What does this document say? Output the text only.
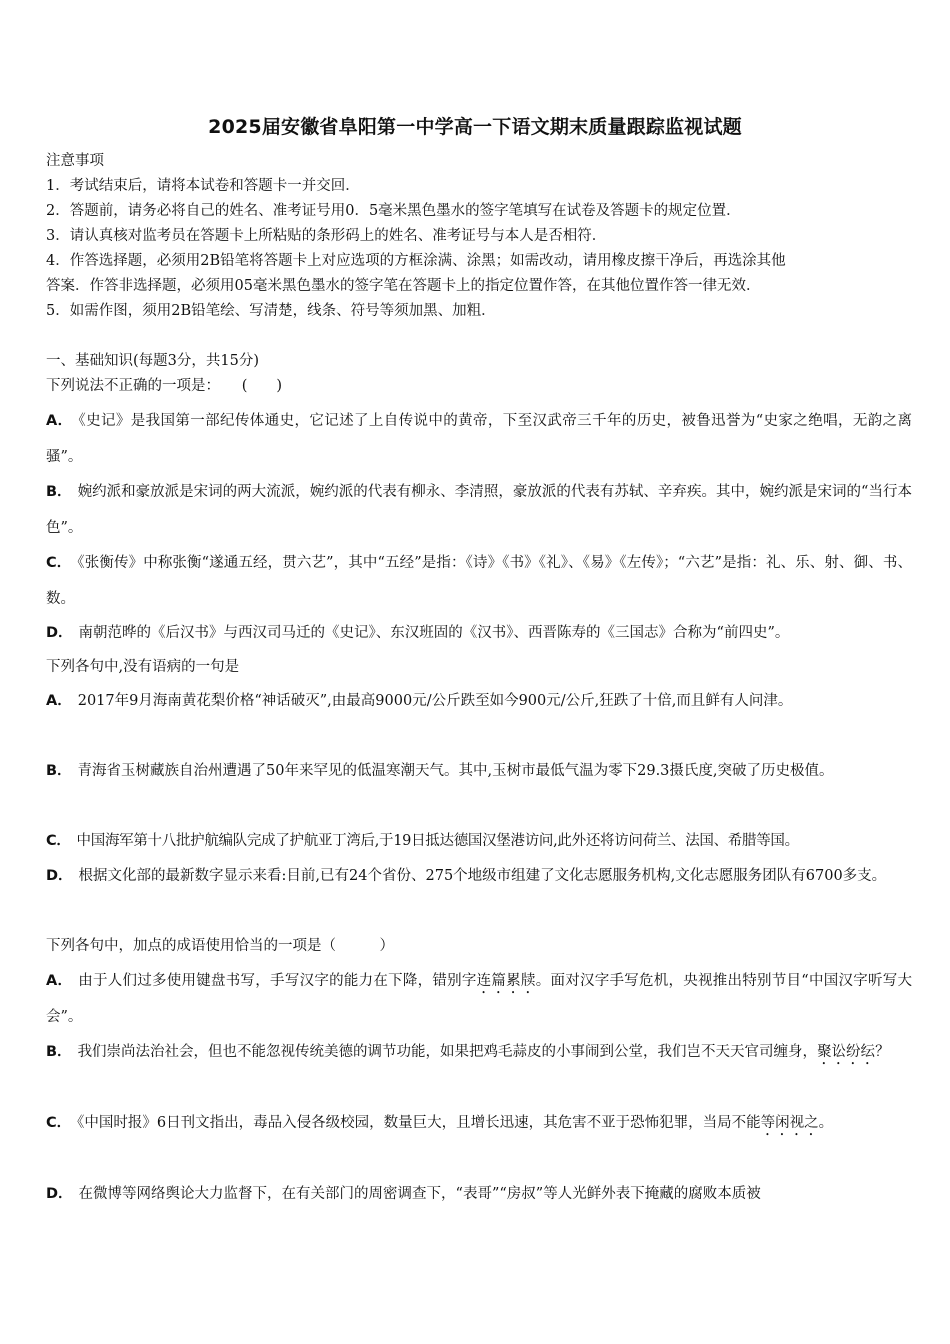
2025届安徽省阜阳第一中学高一下语文期末质量跟踪监视试题
注意事项
1．考试结束后，请将本试卷和答题卡一并交回．
2．答题前，请务必将自己的姓名、准考证号用0．5毫米黑色墨水的签字笔填写在试卷及答题卡的规定位置．
3．请认真核对监考员在答题卡上所粘贴的条形码上的姓名、准考证号与本人是否相符．
4．作答选择题，必须用2B铅笔将答题卡上对应选项的方框涂满、涂黑；如需改动，请用橡皮擦干净后，再选涂其他
答案．作答非选择题，必须用05毫米黑色墨水的签字笔在答题卡上的指定位置作答，在其他位置作答一律无效．
5．如需作图，须用2B铅笔绘、写清楚，线条、符号等须加黑、加粗．
一、基础知识(每题3分，共15分)
下列说法不正确的一项是：　　(　　)
A． 《史记》是我国第一部纪传体通史，它记述了上自传说中的黄帝，下至汉武帝三千年的历史，被鲁迅誉为“史家之绝唱，无韵之离骚”。
B． 婉约派和豪放派是宋词的两大流派，婉约派的代表有柳永、李清照，豪放派的代表有苏轼、辛弃疾。其中，婉约派是宋词的“当行本色”。
C． 《张衡传》中称张衡“遂通五经，贯六艺”，其中“五经”是指：《诗》《书》《礼》、《易》《左传》；“六艺”是指：礼、乐、射、御、书、数。
D． 南朝范晔的《后汉书》与西汉司马迁的《史记》、东汉班固的《汉书》、西晋陈寿的《三国志》合称为“前四史”。
下列各句中,没有语病的一句是
A． 2017年9月海南黄花梨价格“神话破灭”,由最高9000元/公斤跌至如今900元/公斤,狂跌了十倍,而且鲜有人问津。
B． 青海省玉树藏族自治州遭遇了50年来罕见的低温寒潮天气。其中,玉树市最低气温为零下29.3摄氏度,突破了历史极值。
C． 中国海军第十八批护航编队完成了护航亚丁湾后,于19日抵达德国汉堡港访问,此外还将访问荷兰、法国、希腊等国。
D． 根据文化部的最新数字显示来看:目前,已有24个省份、275个地级市组建了文化志愿服务机构,文化志愿服务团队有6700多支。
下列各句中，加点的成语使用恰当的一项是（　　　）
A． 由于人们过多使用键盘书写，手写汉字的能力在下降，错别字连篇累牍。面对汉字手写危机，央视推出特别节目“中国汉字听写大会”。
B． 我们崇尚法治社会，但也不能忽视传统美德的调节功能，如果把鸡毛蒜皮的小事闹到公堂，我们岂不天天官司缠身，聚讼纷纭？
C． 《中国时报》6日刊文指出，毒品入侵各级校园，数量巨大，且增长迅速，其危害不亚于恐怖犯罪，当局不能等闲视之。
D． 在微博等网络舆论大力监督下，在有关部门的周密调查下，“表哥”“房叔”等人光鲜外表下掩藏的腐败本质被
